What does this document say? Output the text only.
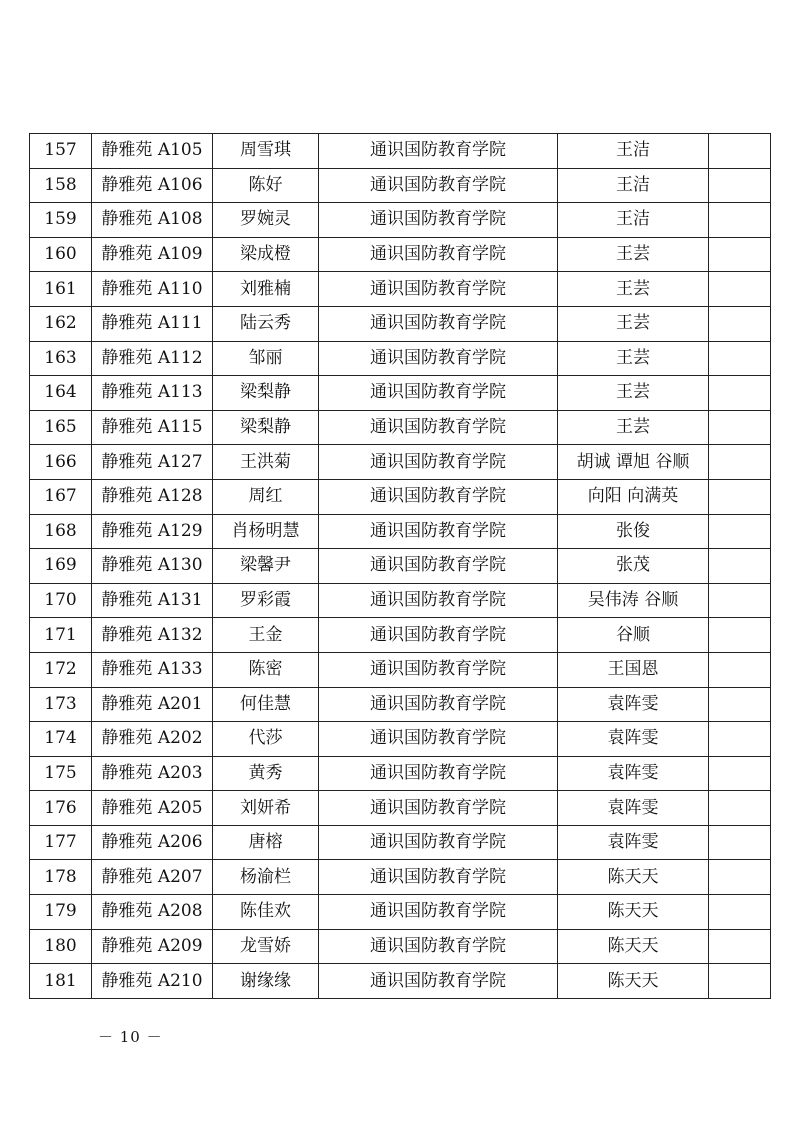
157	静雅苑 A105	周雪琪	通识国防教育学院	王洁	
158	静雅苑 A106	陈好	通识国防教育学院	王洁	
159	静雅苑 A108	罗婉灵	通识国防教育学院	王洁	
160	静雅苑 A109	梁成橙	通识国防教育学院	王芸	
161	静雅苑 A110	刘雅楠	通识国防教育学院	王芸	
162	静雅苑 A111	陆云秀	通识国防教育学院	王芸	
163	静雅苑 A112	邹丽	通识国防教育学院	王芸	
164	静雅苑 A113	梁梨静	通识国防教育学院	王芸	
165	静雅苑 A115	梁梨静	通识国防教育学院	王芸	
166	静雅苑 A127	王洪菊	通识国防教育学院	胡诚 谭旭 谷顺	
167	静雅苑 A128	周红	通识国防教育学院	向阳 向满英	
168	静雅苑 A129	肖杨明慧	通识国防教育学院	张俊	
169	静雅苑 A130	梁馨尹	通识国防教育学院	张茂	
170	静雅苑 A131	罗彩霞	通识国防教育学院	吴伟涛 谷顺	
171	静雅苑 A132	王金	通识国防教育学院	谷顺	
172	静雅苑 A133	陈密	通识国防教育学院	王国恩	
173	静雅苑 A201	何佳慧	通识国防教育学院	袁阵雯	
174	静雅苑 A202	代莎	通识国防教育学院	袁阵雯	
175	静雅苑 A203	黄秀	通识国防教育学院	袁阵雯	
176	静雅苑 A205	刘妍希	通识国防教育学院	袁阵雯	
177	静雅苑 A206	唐榕	通识国防教育学院	袁阵雯	
178	静雅苑 A207	杨渝栏	通识国防教育学院	陈天天	
179	静雅苑 A208	陈佳欢	通识国防教育学院	陈天天	
180	静雅苑 A209	龙雪娇	通识国防教育学院	陈天天	
181	静雅苑 A210	谢缘缘	通识国防教育学院	陈天天	
－ 10 －
